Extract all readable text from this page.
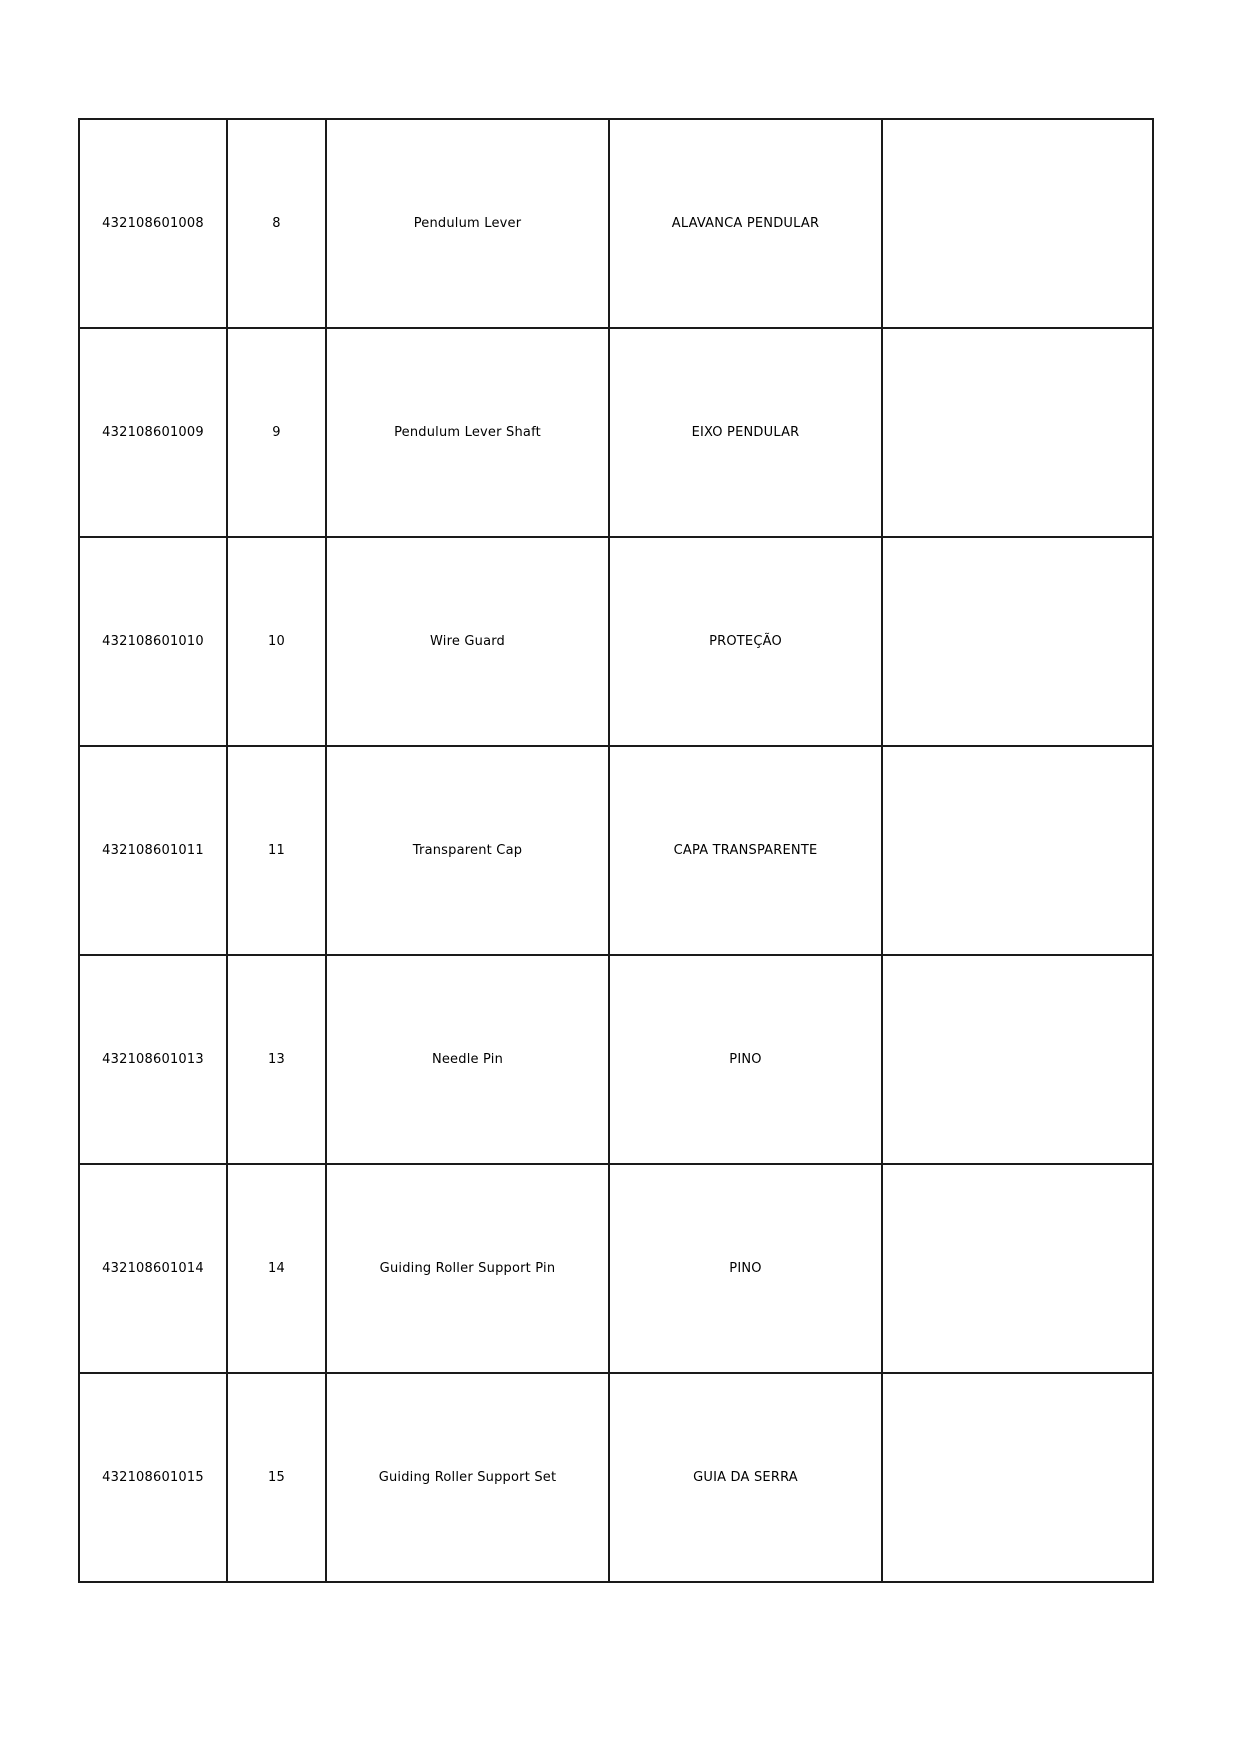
432108601008	8	Pendulum Lever	ALAVANCA PENDULAR	
432108601009	9	Pendulum Lever Shaft	EIXO PENDULAR	
432108601010	10	Wire Guard	PROTEÇÃO	
432108601011	11	Transparent Cap	CAPA TRANSPARENTE	
432108601013	13	Needle Pin	PINO	
432108601014	14	Guiding Roller Support Pin	PINO	
432108601015	15	Guiding Roller Support Set	GUIA DA SERRA	
